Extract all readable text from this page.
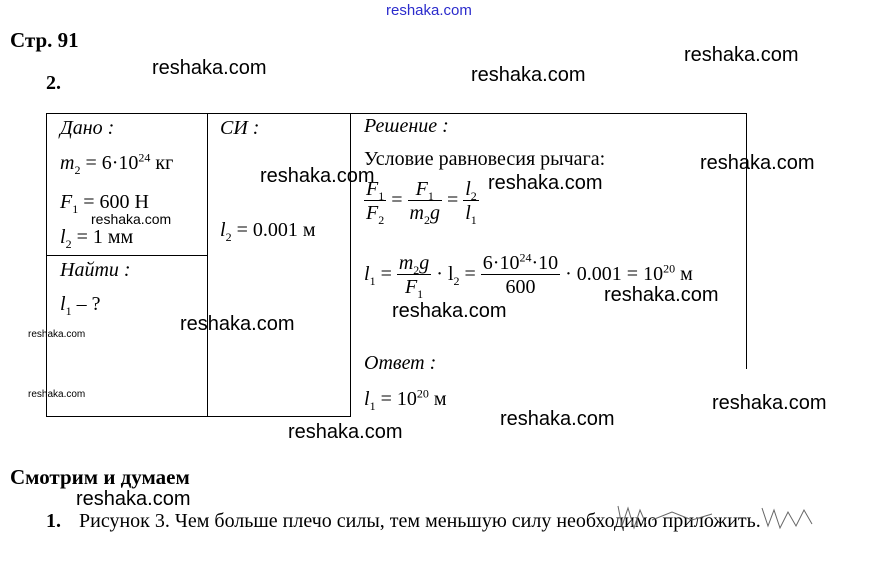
Стр. 91
2.
Дано :
$m_2 = 6\cdot 10^{24}$ кг
$F_1 = 600$ Н
$l_2 = 1$ мм
Найти :
$l_1$ – ?
СИ :
$l_2 = 0.001$ м
Решение :
Условие равновесия рычага:
$\frac{F_1}{F_2} = \frac{F_1}{m_2g} = \frac{l_2}{l_1}$
$l_1 = \frac{m_2g}{F_1} \cdot l_2 = \frac{6\cdot 10^{24}\cdot 10}{600} \cdot 0.001 = 10^{20}$ м
Ответ :
$l_1 = 10^{20}$ м
Смотрим и думаем
1. Рисунок 3. Чем больше плечо силы, тем меньшую силу необходимо приложить.
reshaka.com
reshaka.com	reshaka.com
reshaka.com
reshaka.com
reshaka.com	reshaka.com
reshaka.com
reshaka.com
reshaka.com
reshaka.com
reshaka.com
reshaka.com
reshaka.com
reshaka.com
reshaka.com
reshaka.com
